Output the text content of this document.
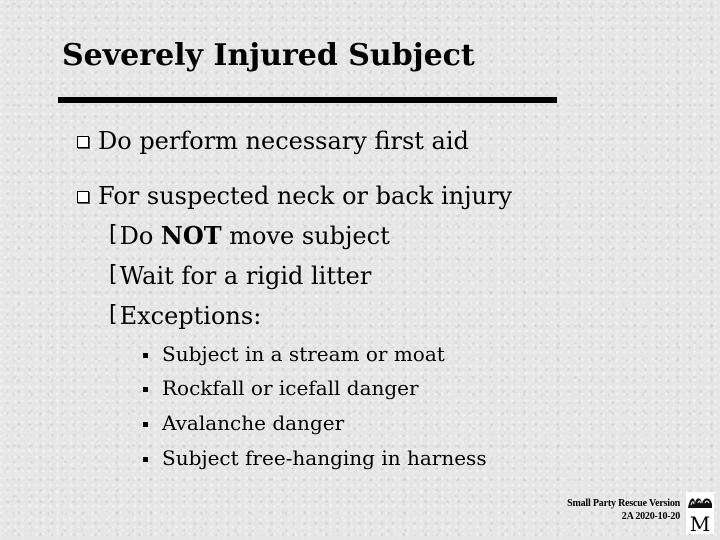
Severely Injured Subject
Do perform necessary first aid
For suspected neck or back injury
[ Do NOT move subject
[ Wait for a rigid litter
[ Exceptions:
Subject in a stream or moat
Rockfall or icefall danger
Avalanche danger
Subject free-hanging in harness
Small Party Rescue Version
2A 2020-10-20 M
